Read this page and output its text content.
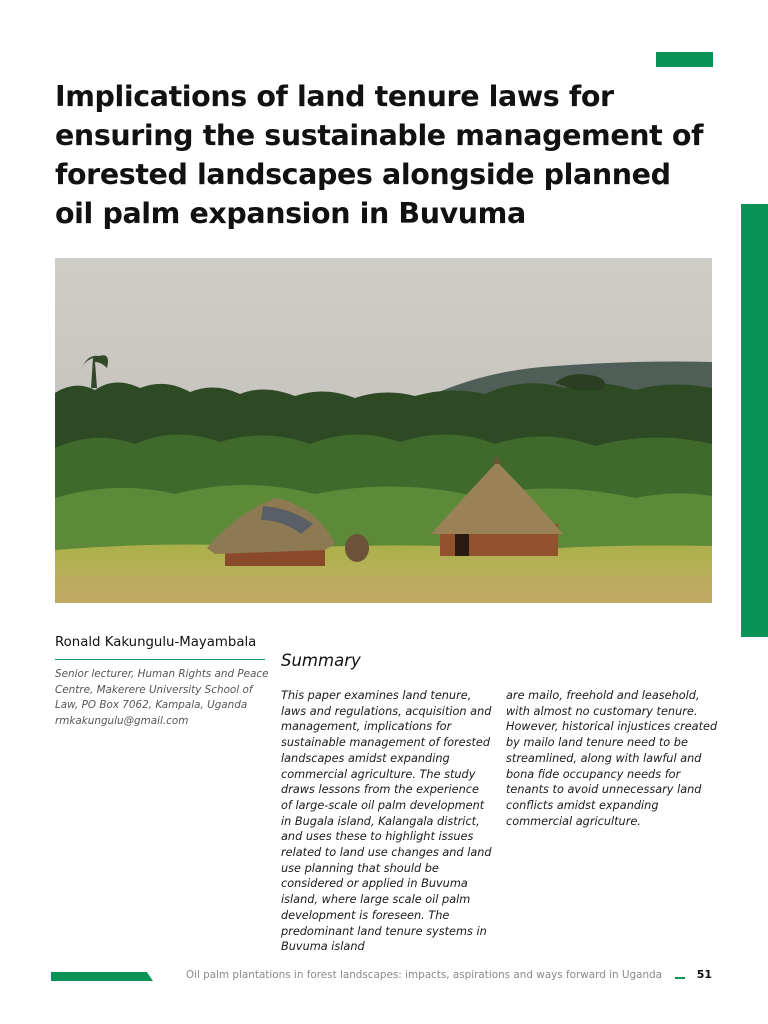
Implications of land tenure laws for ensuring the sustainable management of forested landscapes alongside planned oil palm expansion in Buvuma
Ronald Kakungulu-Mayambala
Senior lecturer, Human Rights and Peace Centre, Makerere University School of Law, PO Box 7062, Kampala, Uganda
rmkakungulu@gmail.com
Summary

This paper examines land tenure, laws and regulations, acquisition and management, implications for sustainable management of forested landscapes amidst expanding commercial agriculture. The study draws lessons from the experience of large-scale oil palm development in Bugala island, Kalangala district, and uses these to highlight issues related to land use changes and land use planning that should be considered or applied in Buvuma island, where large scale oil palm development is foreseen. The predominant land tenure systems in Buvuma island

are mailo, freehold and leasehold, with almost no customary tenure. However, historical injustices created by mailo land tenure need to be streamlined, along with lawful and bona fide occupancy needs for tenants to avoid unnecessary land conflicts amidst expanding commercial agriculture.

Oil palm plantations in forest landscapes: impacts, aspirations and ways forward in Uganda	51
